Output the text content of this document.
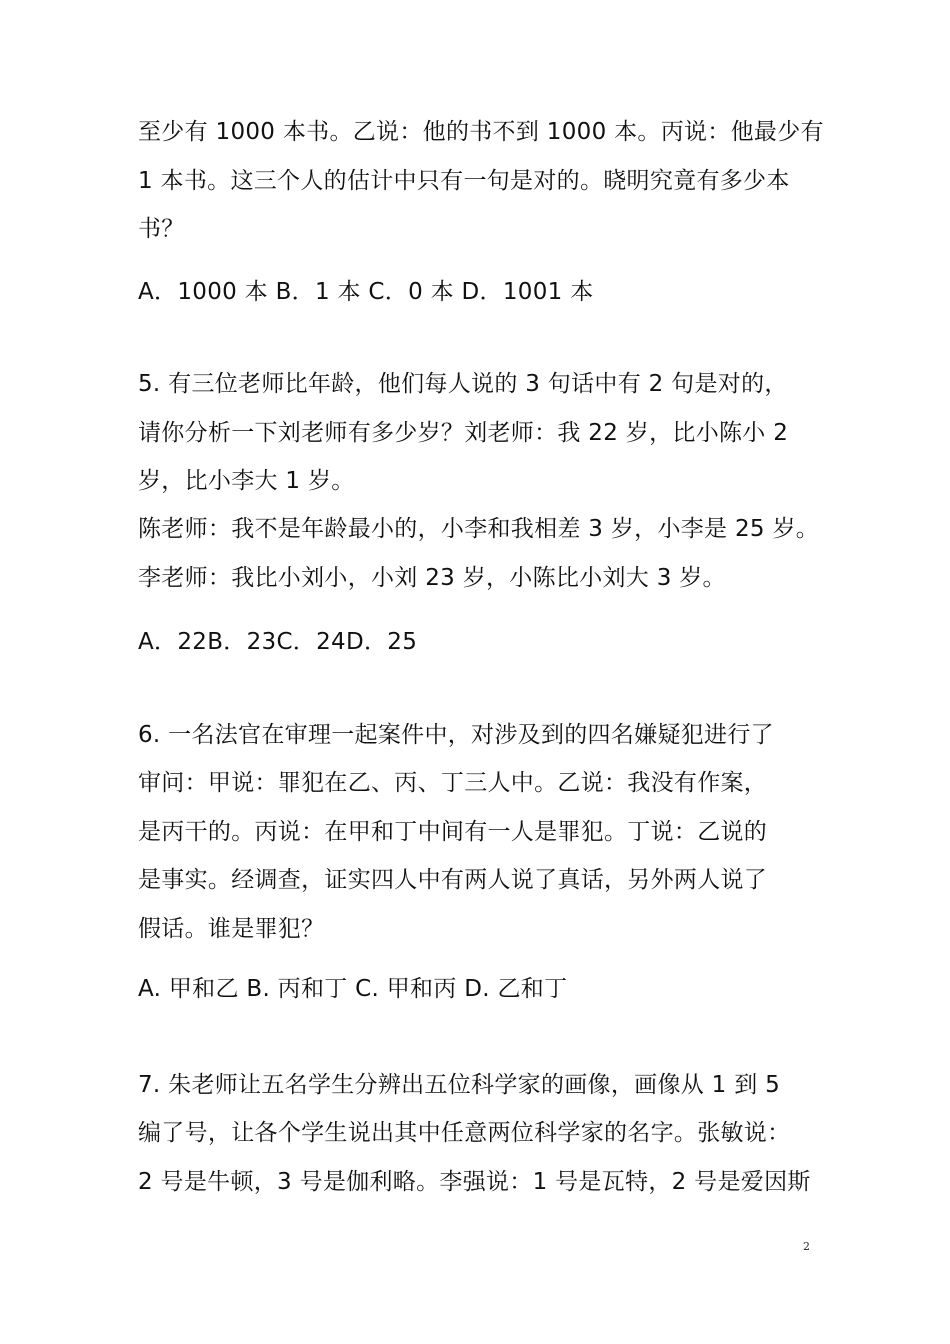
至少有 1000 本书。乙说：他的书不到 1000 本。丙说：他最少有
1 本书。这三个人的估计中只有一句是对的。晓明究竟有多少本
书？
A．1000 本 B．1 本 C．0 本 D．1001 本
5. 有三位老师比年龄，他们每人说的 3 句话中有 2 句是对的，
请你分析一下刘老师有多少岁？刘老师：我 22 岁，比小陈小 2
岁，比小李大 1 岁。
陈老师：我不是年龄最小的，小李和我相差 3 岁，小李是 25 岁。
李老师：我比小刘小，小刘 23 岁，小陈比小刘大 3 岁。
A．22B．23C．24D．25
6. 一名法官在审理一起案件中，对涉及到的四名嫌疑犯进行了
审问：甲说：罪犯在乙、丙、丁三人中。乙说：我没有作案，
是丙干的。丙说：在甲和丁中间有一人是罪犯。丁说：乙说的
是事实。经调查，证实四人中有两人说了真话，另外两人说了
假话。谁是罪犯？
A. 甲和乙 B. 丙和丁 C. 甲和丙 D. 乙和丁
7. 朱老师让五名学生分辨出五位科学家的画像，画像从 1 到 5
编了号，让各个学生说出其中任意两位科学家的名字。张敏说：
2 号是牛顿，3 号是伽利略。李强说：1 号是瓦特，2 号是爱因斯
2
